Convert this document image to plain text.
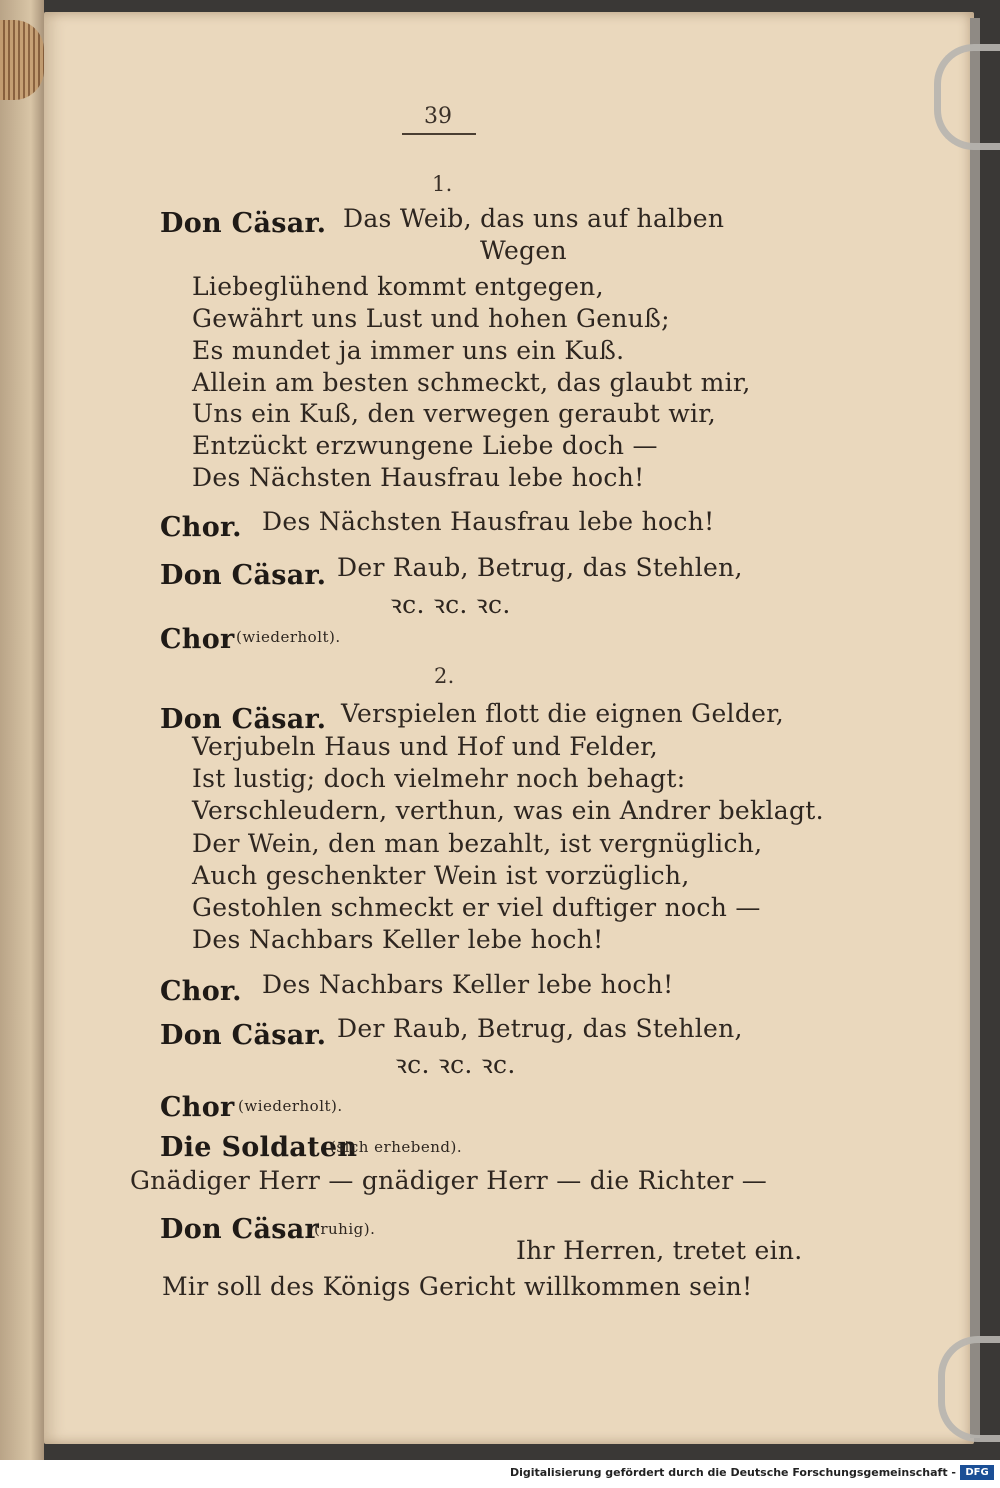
39
1.
Don Cäsar. Das Weib, das uns auf halben
Wegen
Liebeglühend kommt entgegen,
Gewährt uns Lust und hohen Genuß;
Es mundet ja immer uns ein Kuß.
Allein am besten schmeckt, das glaubt mir,
Uns ein Kuß, den verwegen geraubt wir,
Entzückt erzwungene Liebe doch —
Des Nächsten Hausfrau lebe hoch!
Chor. Des Nächsten Hausfrau lebe hoch!
Don Cäsar. Der Raub, Betrug, das Stehlen,
ꝛc. ꝛc. ꝛc.
Chor (wiederholt).
2.
Don Cäsar. Verspielen flott die eignen Gelder,
Verjubeln Haus und Hof und Felder,
Ist lustig; doch vielmehr noch behagt:
Verschleudern, verthun, was ein Andrer beklagt.
Der Wein, den man bezahlt, ist vergnüglich,
Auch geschenkter Wein ist vorzüglich,
Gestohlen schmeckt er viel duftiger noch —
Des Nachbars Keller lebe hoch!
Chor. Des Nachbars Keller lebe hoch!
Don Cäsar. Der Raub, Betrug, das Stehlen,
ꝛc. ꝛc. ꝛc.
Chor (wiederholt).
Die Soldaten
(sich erhebend).
Gnädiger Herr — gnädiger Herr — die Richter —
Don Cäsar
(ruhig).
Ihr Herren, tretet ein.
Mir soll des Königs Gericht willkommen sein!
Digitalisierung gefördert durch die Deutsche Forschungsgemeinschaft - DFG
